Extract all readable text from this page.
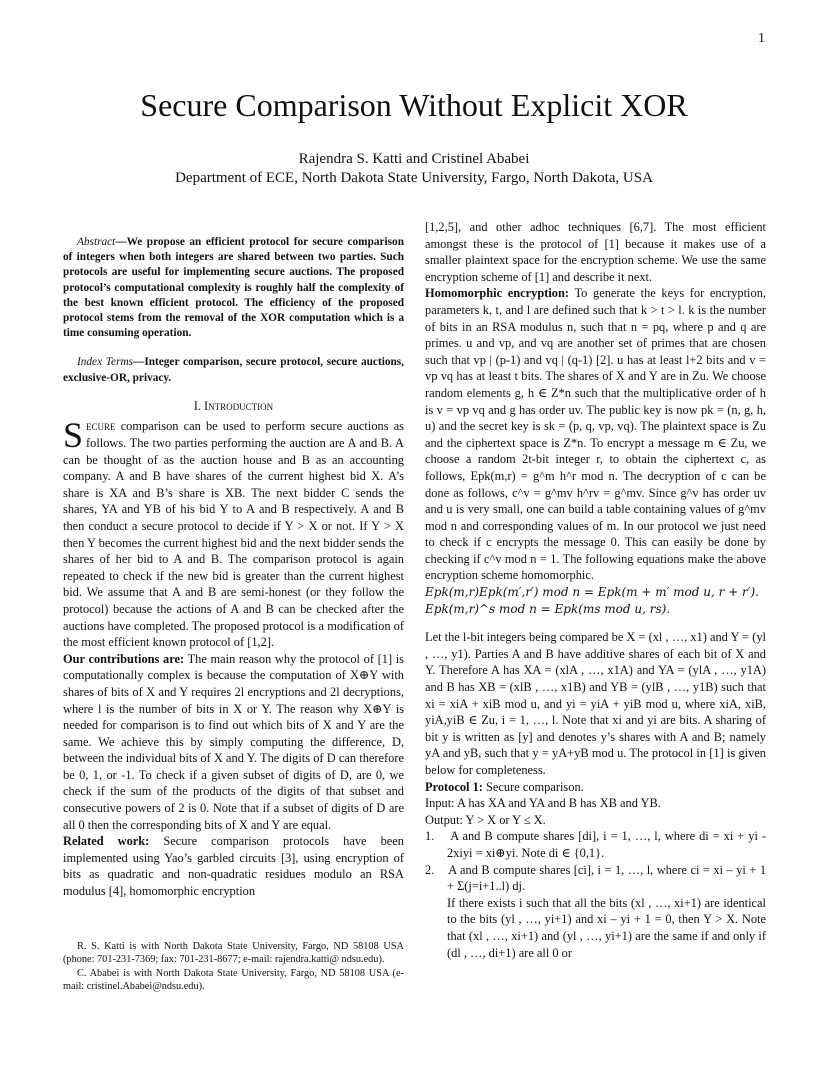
1
Secure Comparison Without Explicit XOR
Rajendra S. Katti and Cristinel Ababei
Department of ECE, North Dakota State University, Fargo, North Dakota, USA

Abstract—We propose an efficient protocol for secure comparison of integers when both integers are shared between two parties. Such protocols are useful for implementing secure auctions. The proposed protocol’s computational complexity is roughly half the complexity of the best known efficient protocol. The efficiency of the proposed protocol stems from the removal of the XOR computation which is a time consuming operation.

Index Terms—Integer comparison, secure protocol, secure auctions, exclusive-OR, privacy.

I. Introduction

Secure comparison can be used to perform secure auctions as follows. The two parties performing the auction are A and B. A can be thought of as the auction house and B as an accounting company. A and B have shares of the current highest bid X. A’s share is XA and B’s share is XB. The next bidder C sends the shares, YA and YB of his bid Y to A and B respectively. A and B then conduct a secure protocol to decide if Y > X or not. If Y > X then Y becomes the current highest bid and the next bidder sends the shares of her bid to A and B. The comparison protocol is again repeated to check if the new bid is greater than the current highest bid. We assume that A and B are semi-honest (or they follow the protocol) because the actions of A and B can be checked after the auctions have completed. The proposed protocol is a modification of the most efficient known protocol of [1,2].

Our contributions are: The main reason why the protocol of [1] is computationally complex is because the computation of X⊕Y with shares of bits of X and Y requires 2l encryptions and 2l decryptions, where l is the number of bits in X or Y. The reason why X⊕Y is needed for comparison is to find out which bits of X and Y are the same. We achieve this by simply computing the difference, D, between the individual bits of X and Y. The digits of D can therefore be 0, 1, or -1. To check if a given subset of digits of D, are 0, we check if the sum of the products of the digits of that subset and consecutive powers of 2 is 0. Note that if a subset of digits of D are all 0 then the corresponding bits of X and Y are equal.

Related work: Secure comparison protocols have been implemented using Yao’s garbled circuits [3], using encryption of bits as quadratic and non-quadratic residues modulo an RSA modulus [4], homomorphic encryption

R. S. Katti is with North Dakota State University, Fargo, ND 58108 USA (phone: 701-231-7369; fax: 701-231-8677; e-mail: rajendra.katti@ ndsu.edu).

C. Ababei is with North Dakota State University, Fargo, ND 58108 USA (e-mail: cristinel.Ababei@ndsu.edu).

[1,2,5], and other adhoc techniques [6,7]. The most efficient amongst these is the protocol of [1] because it makes use of a smaller plaintext space for the encryption scheme. We use the same encryption scheme of [1] and describe it next.

Homomorphic encryption: To generate the keys for encryption, parameters k, t, and l are defined such that k > t > l. k is the number of bits in an RSA modulus n, such that n = pq, where p and q are primes. u and vp, and vq are another set of primes that are chosen such that vp | (p-1) and vq | (q-1) [2]. u has at least l+2 bits and v = vp vq has at least t bits. The shares of X and Y are in Zu. We choose random elements g, h ∈ Z*n such that the multiplicative order of h is v = vp vq and g has order uv. The public key is now pk = (n, g, h, u) and the secret key is sk = (p, q, vp, vq). The plaintext space is Zu and the ciphertext space is Z*n. To encrypt a message m ∈ Zu, we choose a random 2t-bit integer r, to obtain the ciphertext c, as follows, Epk(m,r) = g^m h^r mod n. The decryption of c can be done as follows, c^v = g^mv h^rv = g^mv. Since g^v has order uv and u is very small, one can build a table containing values of g^mv mod n and corresponding values of m. In our protocol we just need to check if c encrypts the message 0. This can easily be done by checking if c^v mod n = 1. The following equations make the above encryption scheme homomorphic.

Epk(m,r)Epk(m′,r′) mod n = Epk(m + m′ mod u, r + r′).

Epk(m,r)^s mod n = Epk(ms mod u, rs).

Let the l-bit integers being compared be X = (xl , …, x1) and Y = (yl , …, y1). Parties A and B have additive shares of each bit of X and Y. Therefore A has XA = (xlA , …, x1A) and YA = (ylA , …, y1A) and B has XB = (xlB , …, x1B) and YB = (ylB , …, y1B) such that xi = xiA + xiB mod u, and yi = yiA + yiB mod u, where xiA, xiB, yiA,yiB ∈ Zu, i = 1, …, l. Note that xi and yi are bits. A sharing of bit y is written as [y] and denotes y’s shares with A and B; namely yA and yB, such that y = yA+yB mod u. The protocol in [1] is given below for completeness.

Protocol 1: Secure comparison.

Input: A has XA and YA and B has XB and YB.

Output: Y > X or Y ≤ X.

1. A and B compute shares [di], i = 1, …, l, where di = xi + yi - 2xiyi = xi⊕yi. Note di ∈ {0,1}.

2. A and B compute shares [ci], i = 1, …, l, where ci = xi – yi + 1 + Σ(j=i+1..l) dj.

If there exists i such that all the bits (xl , …, xi+1) are identical to the bits (yl , …, yi+1) and xi – yi + 1 = 0, then Y > X. Note that (xl , …, xi+1) and (yl , …, yi+1) are the same if and only if (dl , …, di+1) are all 0 or
